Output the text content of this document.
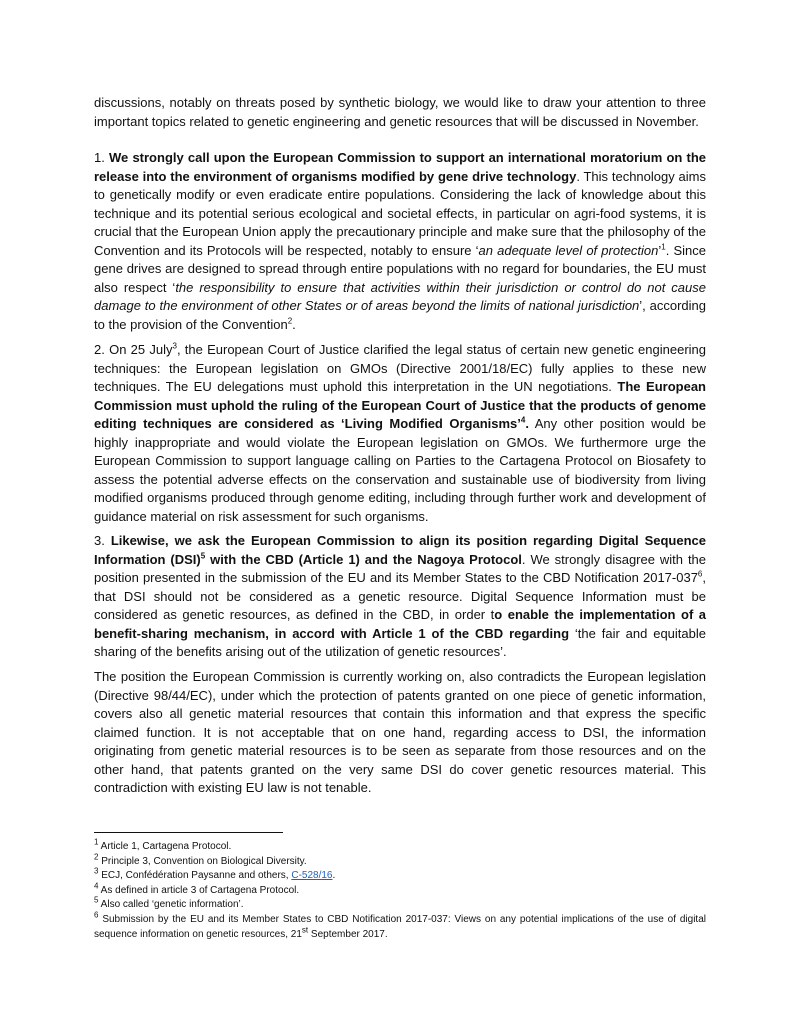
discussions, notably on threats posed by synthetic biology, we would like to draw your attention to three important topics related to genetic engineering and genetic resources that will be discussed in November.

1. We strongly call upon the European Commission to support an international moratorium on the release into the environment of organisms modified by gene drive technology. This technology aims to genetically modify or even eradicate entire populations. Considering the lack of knowledge about this technique and its potential serious ecological and societal effects, in particular on agri-food systems, it is crucial that the European Union apply the precautionary principle and make sure that the philosophy of the Convention and its Protocols will be respected, notably to ensure ‘an adequate level of protection’$^1$. Since gene drives are designed to spread through entire populations with no regard for boundaries, the EU must also respect ‘the responsibility to ensure that activities within their jurisdiction or control do not cause damage to the environment of other States or of areas beyond the limits of national jurisdiction’, according to the provision of the Convention$^2$.

2. On 25 July$^3$, the European Court of Justice clarified the legal status of certain new genetic engineering techniques: the European legislation on GMOs (Directive 2001/18/EC) fully applies to these new techniques. The EU delegations must uphold this interpretation in the UN negotiations. The European Commission must uphold the ruling of the European Court of Justice that the products of genome editing techniques are considered as ‘Living Modified Organisms’$^4$. Any other position would be highly inappropriate and would violate the European legislation on GMOs. We furthermore urge the European Commission to support language calling on Parties to the Cartagena Protocol on Biosafety to assess the potential adverse effects on the conservation and sustainable use of biodiversity from living modified organisms produced through genome editing, including through further work and development of guidance material on risk assessment for such organisms.

3. Likewise, we ask the European Commission to align its position regarding Digital Sequence Information (DSI)$^5$ with the CBD (Article 1) and the Nagoya Protocol. We strongly disagree with the position presented in the submission of the EU and its Member States to the CBD Notification $2017-037^6$, that DSI should not be considered as a genetic resource. Digital Sequence Information must be considered as genetic resources, as defined in the CBD, in order to enable the implementation of a benefit-sharing mechanism, in accord with Article 1 of the CBD regarding ‘the fair and equitable sharing of the benefits arising out of the utilization of genetic resources’.

The position the European Commission is currently working on, also contradicts the European legislation (Directive 98/44/EC), under which the protection of patents granted on one piece of genetic information, covers also all genetic material resources that contain this information and that express the specific claimed function. It is not acceptable that on one hand, regarding access to DSI, the information originating from genetic material resources is to be seen as separate from those resources and on the other hand, that patents granted on the very same DSI do cover genetic resources material. This contradiction with existing EU law is not tenable.

$^1$ Article 1, Cartagena Protocol.
$^2$ Principle 3, Convention on Biological Diversity.
$^3$ ECJ, Confédération Paysanne and others, C-528/16.
$^4$ As defined in article 3 of Cartagena Protocol.
$^5$ Also called ‘genetic information’.
$^6$ Submission by the EU and its Member States to CBD Notification 2017-037: Views on any potential implications of the use of digital sequence information on genetic resources, 21st September 2017.
